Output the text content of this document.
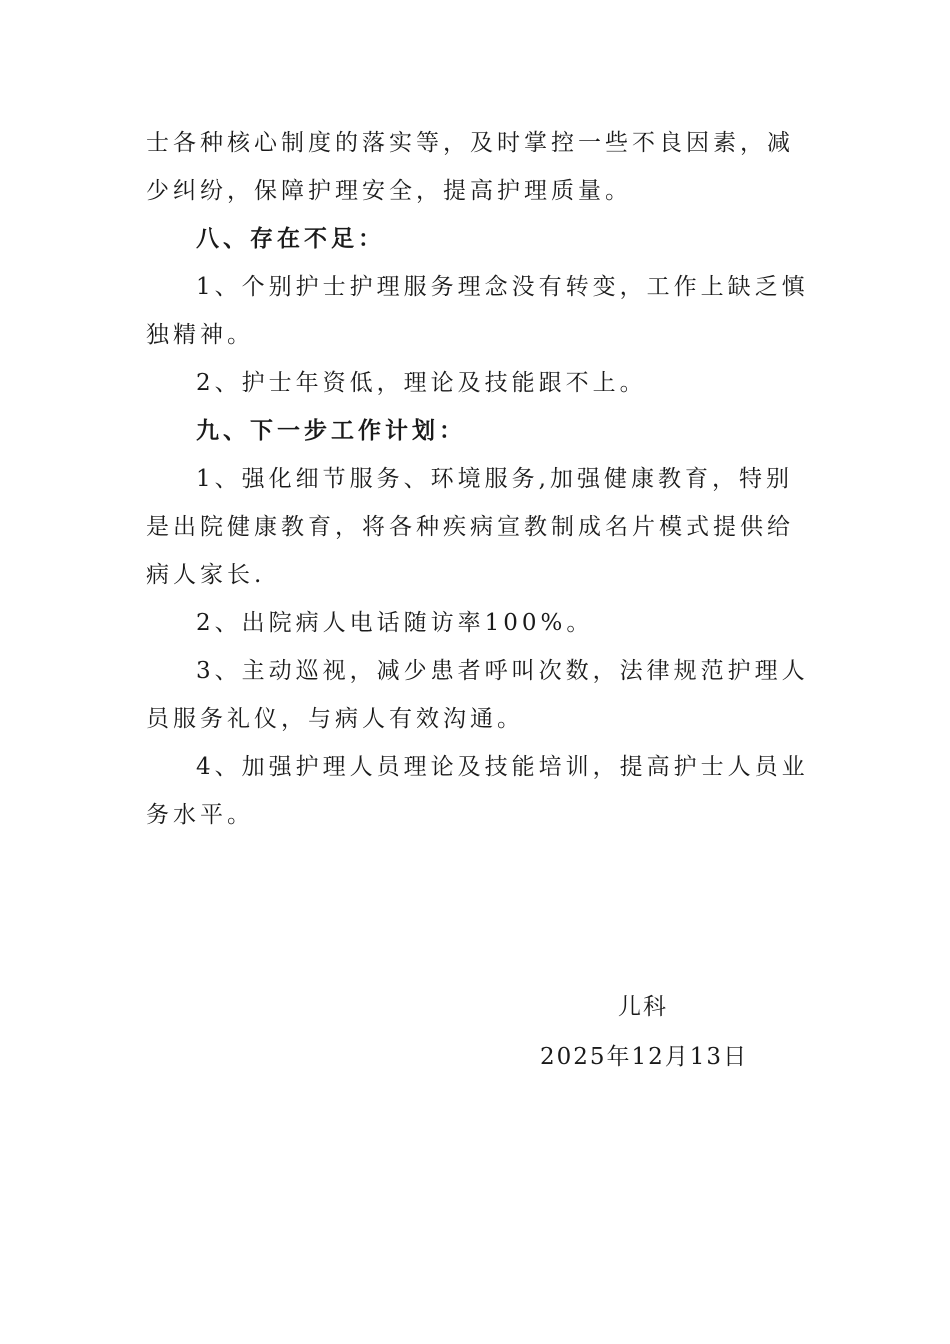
士各种核心制度的落实等，及时掌控一些不良因素，减少纠纷，保障护理安全，提高护理质量。

八、存在不足：

1、个别护士护理服务理念没有转变，工作上缺乏慎独精神。

2、护士年资低，理论及技能跟不上。

九、下一步工作计划：

1、强化细节服务、环境服务,加强健康教育，特别是出院健康教育，将各种疾病宣教制成名片模式提供给病人家长.

2、出院病人电话随访率100%。

3、主动巡视，减少患者呼叫次数，法律规范护理人员服务礼仪，与病人有效沟通。

4、加强护理人员理论及技能培训，提高护士人员业务水平。

儿科
2025年12月13日
